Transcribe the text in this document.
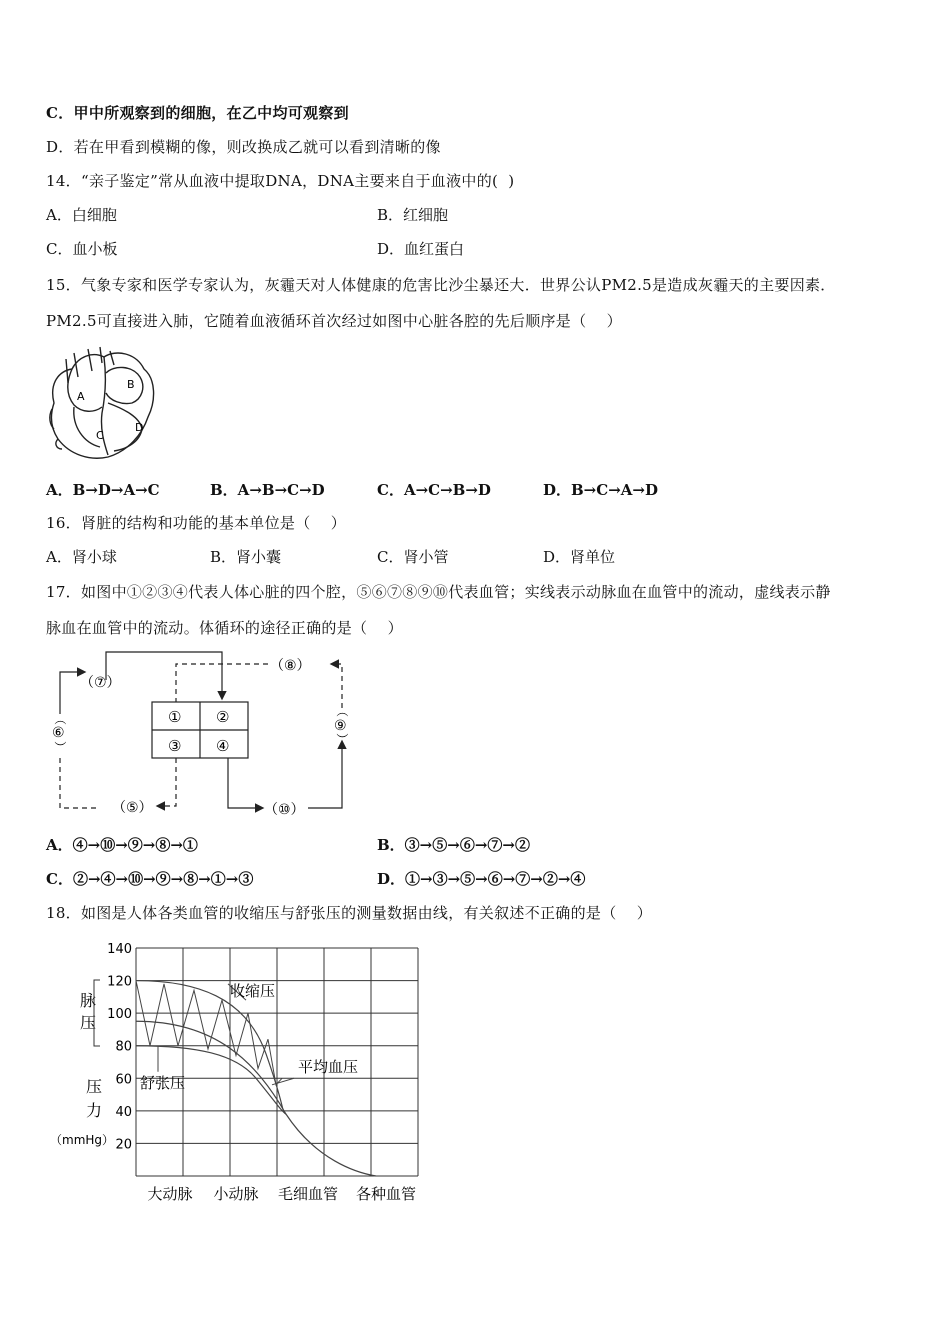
C．甲中所观察到的细胞，在乙中均可观察到
D．若在甲看到模糊的像，则改换成乙就可以看到清晰的像
14．“亲子鉴定”常从血液中提取DNA，DNA主要来自于血液中的(  )
A．白细胞	B．红细胞
C．血小板	D．血红蛋白
15．气象专家和医学专家认为，灰霾天对人体健康的危害比沙尘暴还大．世界公认PM2.5是造成灰霾天的主要因素．
PM2.5可直接进入肺，它随着血液循环首次经过如图中心脏各腔的先后顺序是（    ）
A
B
C
D
A．B→D→A→C	B．A→B→C→D	C．A→C→B→D	D．B→C→A→D
16．肾脏的结构和功能的基本单位是（    ）
A．肾小球	B．肾小囊	C．肾小管	D．肾单位
17．如图中①②③④代表人体心脏的四个腔，⑤⑥⑦⑧⑨⑩代表血管；实线表示动脉血在血管中的流动，虚线表示静
脉血在血管中的流动。体循环的途径正确的是（    ）
① ②
③ ④
（⑦）
（⑧）
（⑤）	（⑩）
（
⑥
）
（
⑨
）
A．④→⑩→⑨→⑧→①	B．③→⑤→⑥→⑦→②
C．②→④→⑩→⑨→⑧→①→③	D．①→③→⑤→⑥→⑦→②→④
18．如图是人体各类血管的收缩压与舒张压的测量数据由线，有关叙述不正确的是（    ）
20
40
60
80
100
120
140
大动脉 小动脉 毛细血管 各种血管
脉
压
压
力
（mmHg）
收缩压
舒张压
平均血压
